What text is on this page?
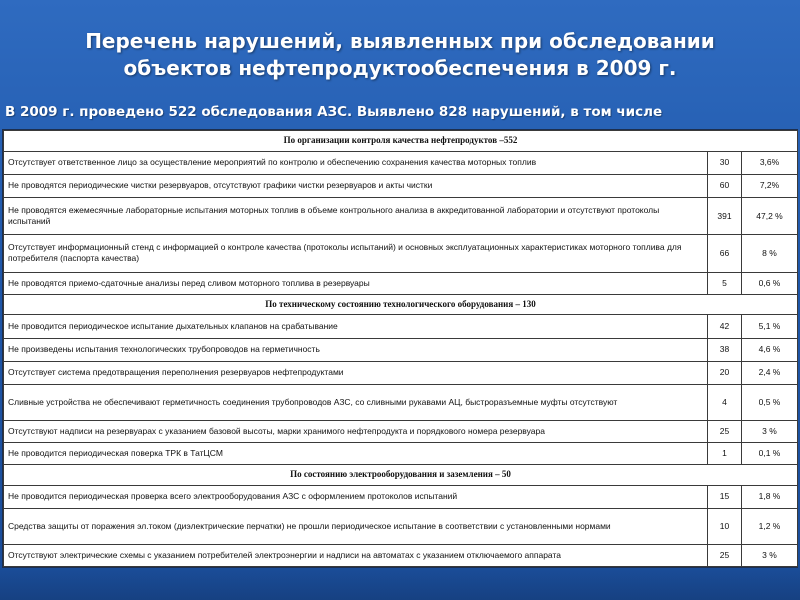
Перечень нарушений, выявленных при обследовании
объектов нефтепродуктообеспечения в 2009 г.
В 2009 г. проведено 522 обследования АЗС. Выявлено 828 нарушений, в том числе
По организации контроля качества нефтепродуктов –552		
Отсутствует ответственное лицо за осуществление мероприятий по контролю и обеспечению сохранения качества моторных топлив	30	3,6%
Не проводятся периодические чистки резервуаров, отсутствуют графики чистки резервуаров и акты чистки	60	7,2%
Не проводятся ежемесячные лабораторные испытания моторных топлив в объеме контрольного анализа в аккредитованной лаборатории и отсутствуют протоколы испытаний	391	47,2 %
Отсутствует информационный стенд с информацией о контроле качества (протоколы испытаний) и основных эксплуатационных характеристиках моторного топлива для потребителя (паспорта качества)	66	8 %
Не проводятся приемо-сдаточные анализы перед сливом моторного топлива в резервуары	5	0,6 %
По техническому состоянию технологического оборудования – 130		
Не проводится периодическое испытание дыхательных клапанов на срабатывание	42	5,1 %
Не произведены испытания технологических трубопроводов на герметичность	38	4,6 %
Отсутствует система предотвращения переполнения резервуаров нефтепродуктами	20	2,4 %
Сливные устройства не обеспечивают герметичность соединения трубопроводов АЗС, со сливными рукавами АЦ, быстроразъемные муфты отсутствуют	4	0,5 %
Отсутствуют надписи на резервуарах с указанием базовой высоты, марки хранимого нефтепродукта и порядкового номера резервуара	25	3 %
Не проводится периодическая поверка ТРК в ТатЦСМ	1	0,1 %
По состоянию электрооборудования и заземления – 50		
Не проводится периодическая проверка всего электрооборудования АЗС с оформлением протоколов испытаний	15	1,8 %
Средства защиты от поражения эл.током (диэлектрические перчатки) не прошли периодическое испытание в соответствии с установленными нормами	10	1,2 %
Отсутствуют электрические схемы с указанием потребителей электроэнергии и надписи на автоматах с указанием отключаемого аппарата	25	3 %
